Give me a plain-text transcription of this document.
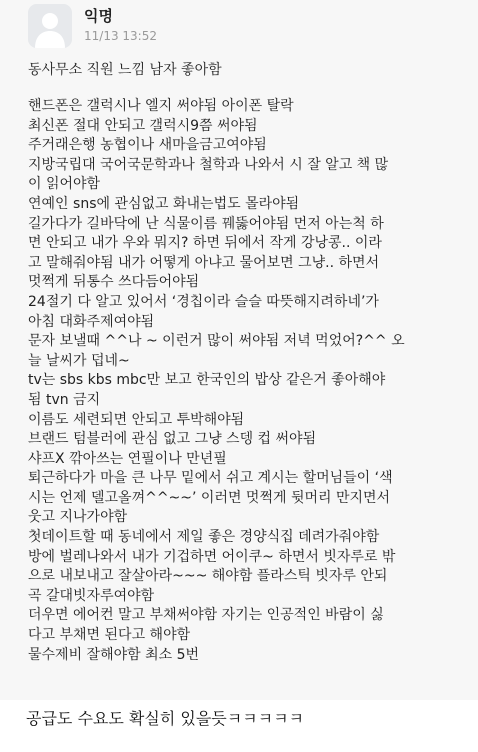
익명
11/13 13:52
동사무소 직원 느낌 남자 좋아함
핸드폰은 갤럭시나 엘지 써야됨 아이폰 탈락
최신폰 절대 안되고 갤럭시9쯤 써야됨
주거래은행 농협이나 새마을금고여야됨
지방국립대 국어국문학과나 철학과 나와서 시 잘 알고 책 많
이 읽어야함
연예인 sns에 관심없고 화내는법도 몰라야됨
길가다가 길바닥에 난 식물이름 꿰뚫어야됨 먼저 아는척 하
면 안되고 내가 우와 뭐지? 하면 뒤에서 작게 강낭콩.. 이라
고 말해줘야됨 내가 어떻게 아냐고 물어보면 그냥.. 하면서
멋쩍게 뒤통수 쓰다듬어야됨
24절기 다 알고 있어서 ‘경칩이라 슬슬 따뜻해지려하네’가
아침 대화주제여야됨
문자 보낼때 ^^나 ~ 이런거 많이 써야됨 저녁 먹었어?^^ 오
늘 날씨가 덥네~
tv는 sbs kbs mbc만 보고 한국인의 밥상 같은거 좋아해야
됨 tvn 금지
이름도 세련되면 안되고 투박해야됨
브랜드 텀블러에 관심 없고 그냥 스뎅 컵 써야됨
샤프X 깎아쓰는 연필이나 만년필
퇴근하다가 마을 큰 나무 밑에서 쉬고 계시는 할머님들이 ‘색
시는 언제 델고올껴^^~~’ 이러면 멋쩍게 뒷머리 만지면서
웃고 지나가야함
첫데이트할 때 동네에서 제일 좋은 경양식집 데려가줘야함
방에 벌레나와서 내가 기겁하면 어이쿠~ 하면서 빗자루로 밖
으로 내보내고 잘살아라~~~ 해야함 플라스틱 빗자루 안되
곡 갈대빗자루여야함
더우면 에어컨 말고 부채써야함 자기는 인공적인 바람이 싫
다고 부채면 된다고 해야함
물수제비 잘해야함 최소 5번
공급도 수요도 확실히 있을듯ㅋㅋㅋㅋㅋ
